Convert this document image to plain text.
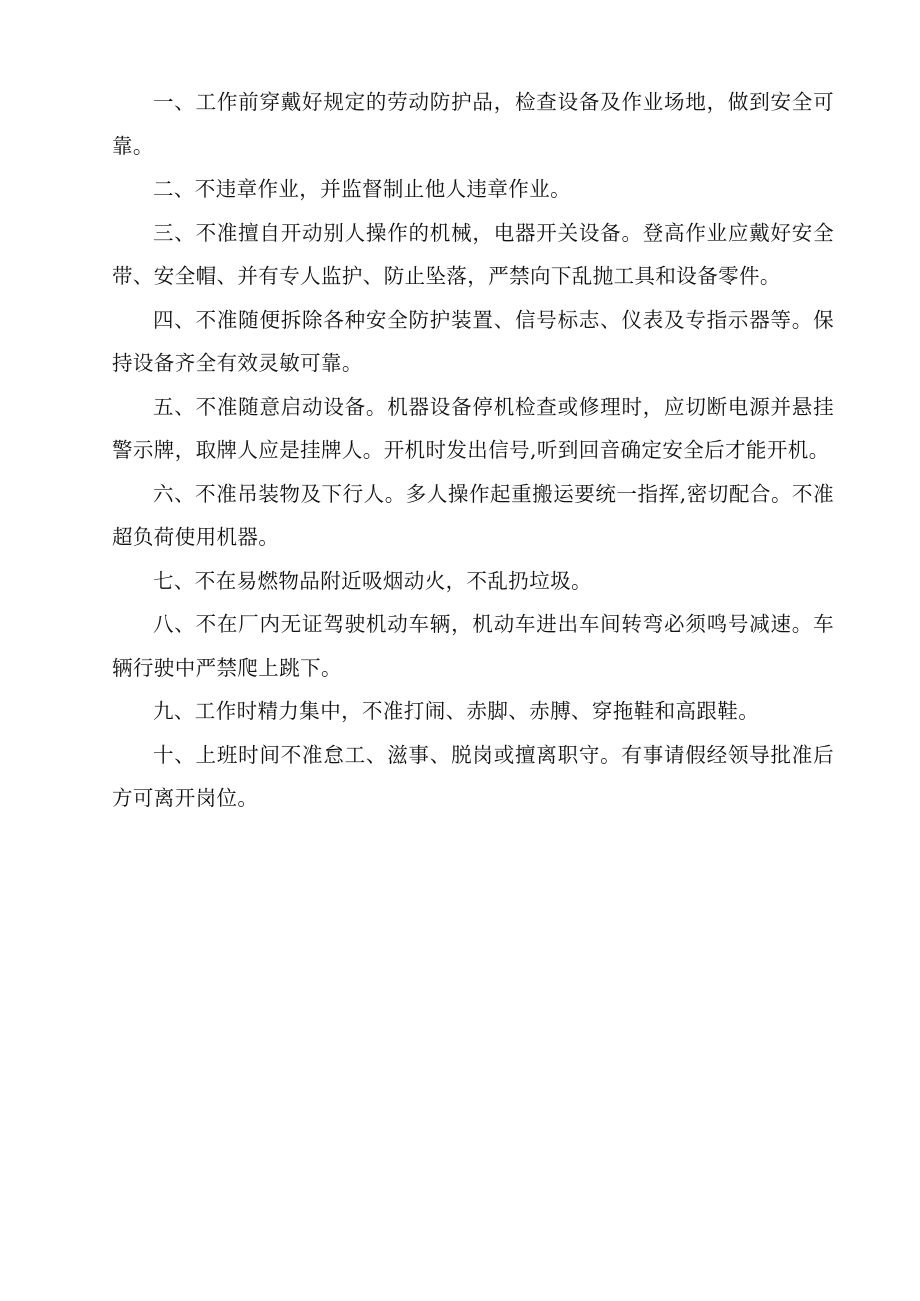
一、工作前穿戴好规定的劳动防护品，检查设备及作业场地，做到安全可靠。

二、不违章作业，并监督制止他人违章作业。

三、不准擅自开动别人操作的机械，电器开关设备。登高作业应戴好安全带、安全帽、并有专人监护、防止坠落，严禁向下乱抛工具和设备零件。

四、不准随便拆除各种安全防护装置、信号标志、仪表及专指示器等。保持设备齐全有效灵敏可靠。

五、不准随意启动设备。机器设备停机检查或修理时，应切断电源并悬挂警示牌，取牌人应是挂牌人。开机时发出信号,听到回音确定安全后才能开机。

六、不准吊装物及下行人。多人操作起重搬运要统一指挥,密切配合。不准超负荷使用机器。

七、不在易燃物品附近吸烟动火，不乱扔垃圾。

八、不在厂内无证驾驶机动车辆，机动车进出车间转弯必须鸣号减速。车辆行驶中严禁爬上跳下。

九、工作时精力集中，不准打闹、赤脚、赤膊、穿拖鞋和高跟鞋。

十、上班时间不准怠工、滋事、脱岗或擅离职守。有事请假经领导批准后方可离开岗位。
